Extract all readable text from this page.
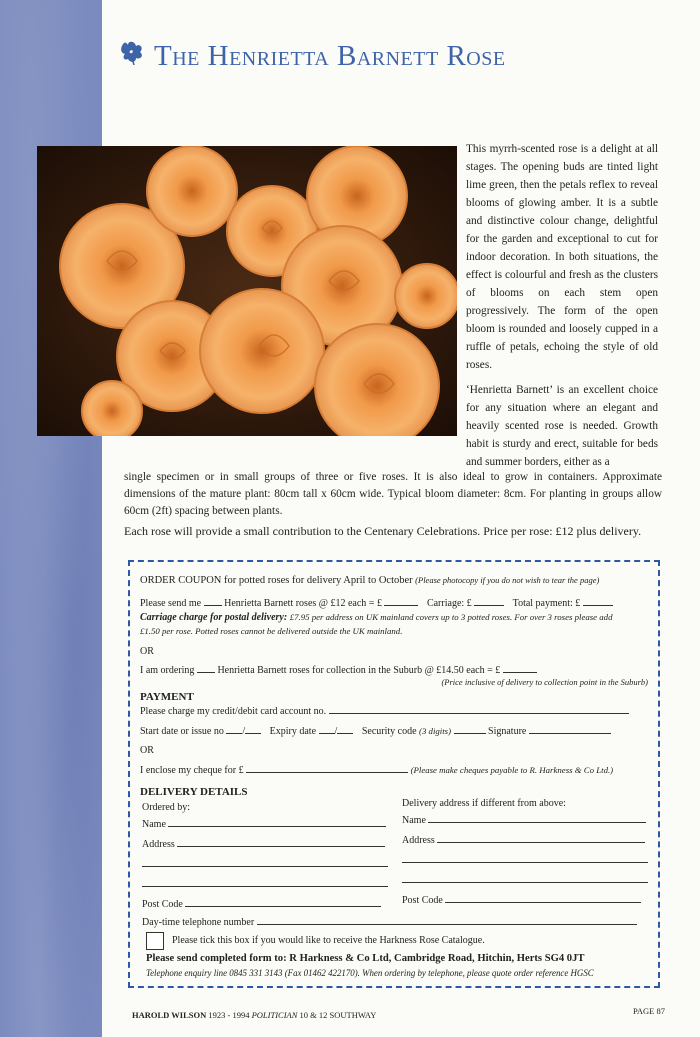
The Henrietta Barnett Rose

This myrrh-scented rose is a delight at all stages. The opening buds are tinted light lime green, then the petals reflex to reveal blooms of glowing amber. It is a subtle and distinctive colour change, delightful for the garden and exceptional to cut for indoor decoration. In both situations, the effect is colourful and fresh as the clusters of blooms on each stem open progressively. The form of the open bloom is rounded and loosely cupped in a ruffle of petals, echoing the style of old roses.

‘Henrietta Barnett’ is an excellent choice for any situation where an elegant and heavily scented rose is needed. Growth habit is sturdy and erect, suitable for beds and summer borders, either as a

single specimen or in small groups of three or five roses. It is also ideal to grow in containers. Approximate dimensions of the mature plant: 80cm tall x 60cm wide. Typical bloom diameter: 8cm. For planting in groups allow 60cm (2ft) spacing between plants.
Each rose will provide a small contribution to the Centenary Celebrations. Price per rose: £12 plus delivery.
ORDER COUPON for potted roses for delivery April to October (Please photocopy if you do not wish to tear the page)
Please send me Henrietta Barnett roses @ £12 each = £	Carriage: £	Total payment: £
Carriage charge for postal delivery: £7.95 per address on UK mainland covers up to 3 potted roses. For over 3 roses please add
£1.50 per rose. Potted roses cannot be delivered outside the UK mainland.
OR
I am ordering Henrietta Barnett roses for collection in the Suburb @ £14.50 each = £
(Price inclusive of delivery to collection point in the Suburb)
PAYMENT
Please charge my credit/debit card account no.
Start date or issue no / Expiry date / Security code (3 digits)	Signature
OR
I enclose my cheque for £	(Please make cheques payable to R. Harkness & Co Ltd.)
DELIVERY DETAILS
Ordered by:	Delivery address if different from above:
Name	Name
Address	Address
Post Code	Post Code
Day-time telephone number
Please tick this box if you would like to receive the Harkness Rose Catalogue.
Please send completed form to: R Harkness & Co Ltd, Cambridge Road, Hitchin, Herts SG4 0JT
Telephone enquiry line 0845 331 3143 (Fax 01462 422170). When ordering by telephone, please quote order reference HGSC
HAROLD WILSON 1923 - 1994 POLITICIAN 10 & 12 SOUTHWAY	PAGE 87
